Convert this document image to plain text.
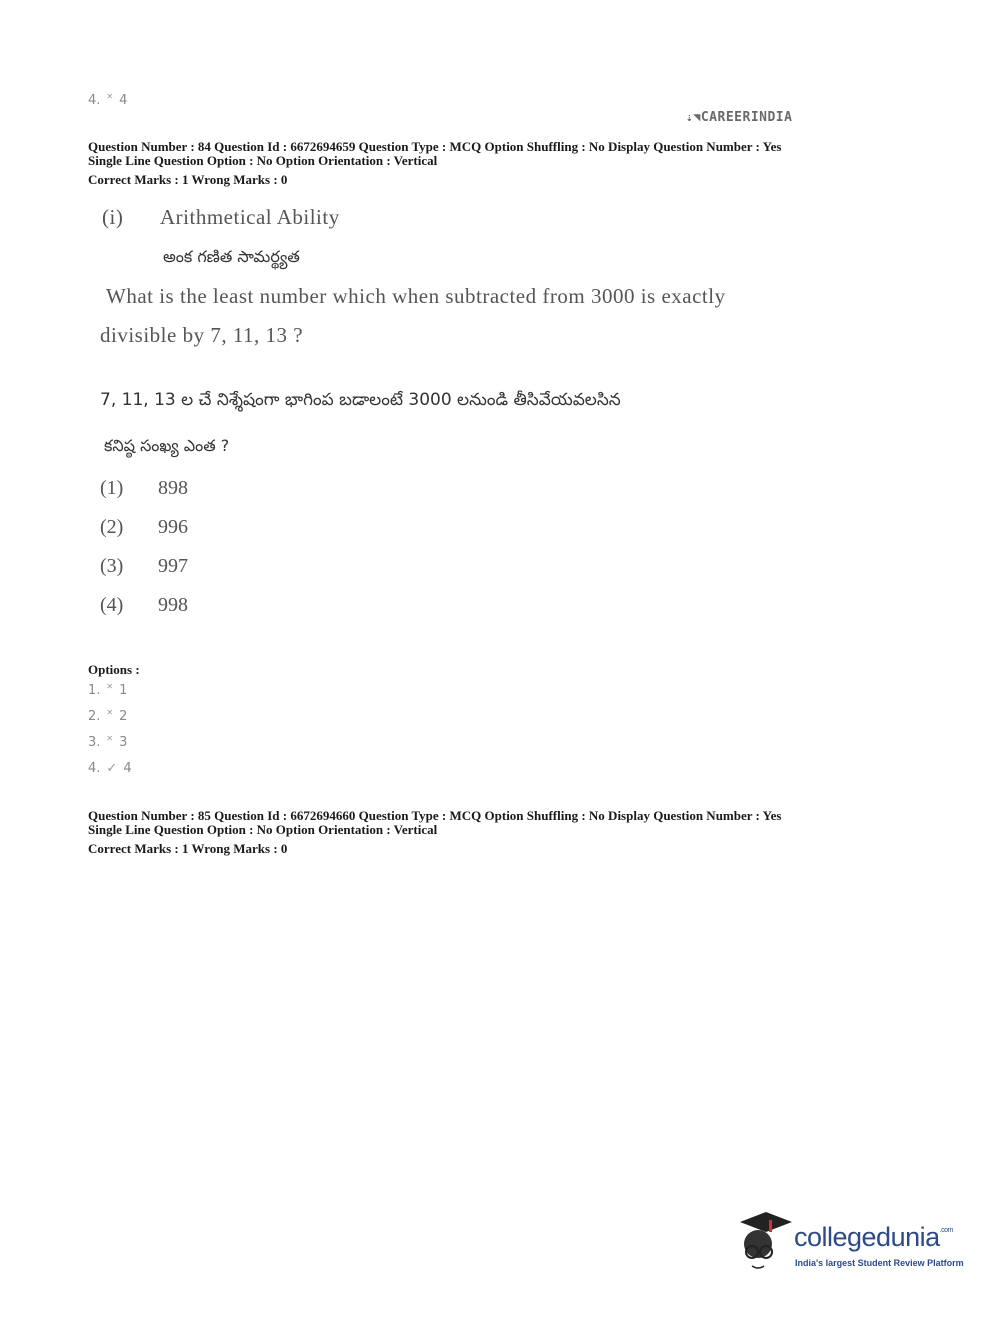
4. ✕ 4
⇣◥CAREERINDIA
Question Number : 84 Question Id : 6672694659 Question Type : MCQ Option Shuffling : No Display Question Number : Yes
Single Line Question Option : No Option Orientation : Vertical
Correct Marks : 1 Wrong Marks : 0
(i) Arithmetical Ability
అంక గణిత సామర్థ్యత
What is the least number which when subtracted from 3000 is exactly
divisible by 7, 11, 13 ?
7, 11, 13 ల చే నిశ్శేషంగా భాగింప బడాలంటే 3000 లనుండి తీసివేయవలసిన
కనిష్ఠ సంఖ్య ఎంత ?
(1) 898
(2) 996
(3) 997
(4) 998
Options :
1. ✕ 1
2. ✕ 2
3. ✕ 3
4. ✓ 4
Question Number : 85 Question Id : 6672694660 Question Type : MCQ Option Shuffling : No Display Question Number : Yes
Single Line Question Option : No Option Orientation : Vertical
Correct Marks : 1 Wrong Marks : 0
collegedunia$^{.com}$
India's largest Student Review Platform
